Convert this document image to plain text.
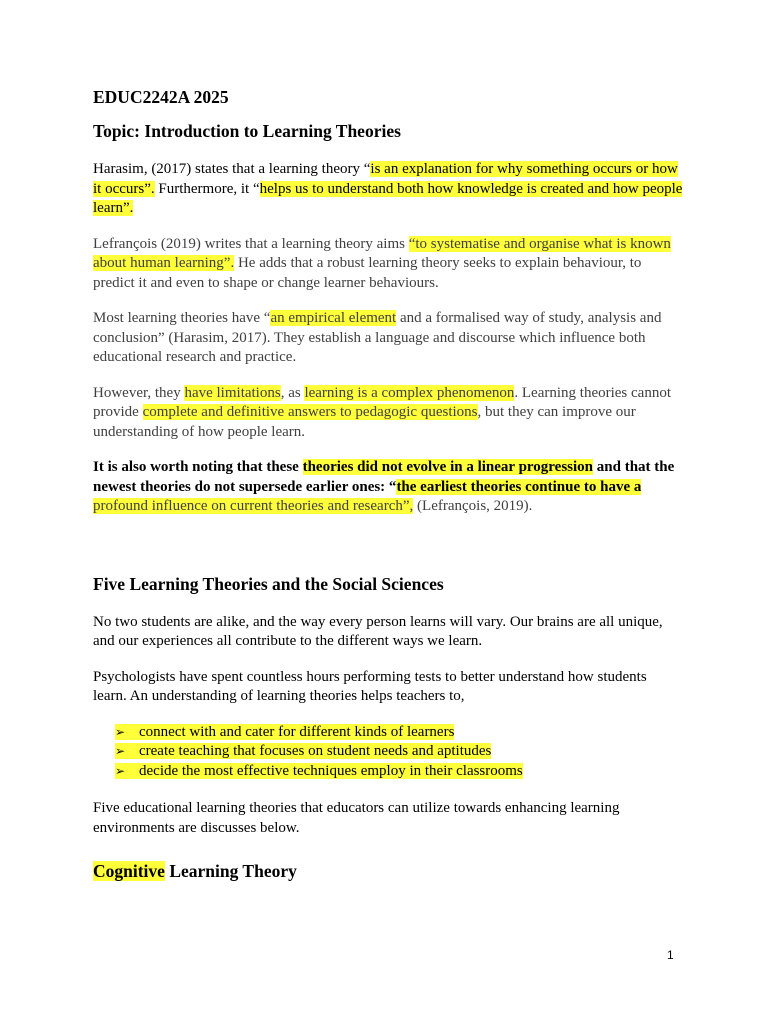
EDUC2242A 2025
Topic: Introduction to Learning Theories

Harasim, (2017) states that a learning theory “is an explanation for why something occurs or how it occurs”. Furthermore, it “helps us to understand both how knowledge is created and how people learn”.

Lefrançois (2019) writes that a learning theory aims “to systematise and organise what is known about human learning”. He adds that a robust learning theory seeks to explain behaviour, to predict it and even to shape or change learner behaviours.

Most learning theories have “an empirical element and a formalised way of study, analysis and conclusion” (Harasim, 2017). They establish a language and discourse which influence both educational research and practice.

However, they have limitations, as learning is a complex phenomenon. Learning theories cannot provide complete and definitive answers to pedagogic questions, but they can improve our understanding of how people learn.

It is also worth noting that these theories did not evolve in a linear progression and that the newest theories do not supersede earlier ones: “the earliest theories continue to have a profound influence on current theories and research”, (Lefrançois, 2019).

Five Learning Theories and the Social Sciences

No two students are alike, and the way every person learns will vary. Our brains are all unique, and our experiences all contribute to the different ways we learn.

Psychologists have spent countless hours performing tests to better understand how students learn. An understanding of learning theories helps teachers to,

➢ connect with and cater for different kinds of learners
➢ create teaching that focuses on student needs and aptitudes
➢ decide the most effective techniques employ in their classrooms

Five educational learning theories that educators can utilize towards enhancing learning environments are discusses below.

Cognitive Learning Theory
1
